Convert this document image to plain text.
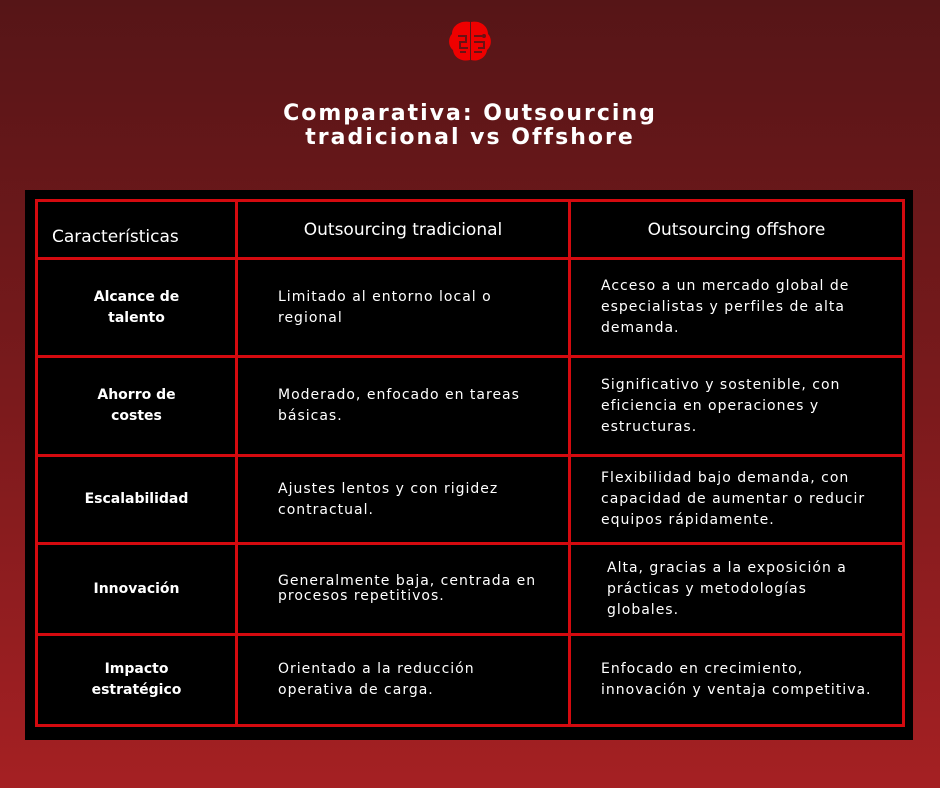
Comparativa: Outsourcing
tradicional vs Offshore
Características	Outsourcing tradicional	Outsourcing offshore
Alcance de talento	Limitado al entorno local o regional	Acceso a un mercado global de especialistas y perfiles de alta demanda.
Ahorro de costes	Moderado, enfocado en tareas básicas.	Significativo y sostenible, con eficiencia en operaciones y estructuras.
Escalabilidad	Ajustes lentos y con rigidez contractual.	Flexibilidad bajo demanda, con capacidad de aumentar o reducir equipos rápidamente.
Innovación	Generalmente baja, centrada en procesos repetitivos.	Alta, gracias a la exposición a prácticas y metodologías globales.
Impacto estratégico	Orientado a la reducción operativa de carga.	Enfocado en crecimiento, innovación y ventaja competitiva.
